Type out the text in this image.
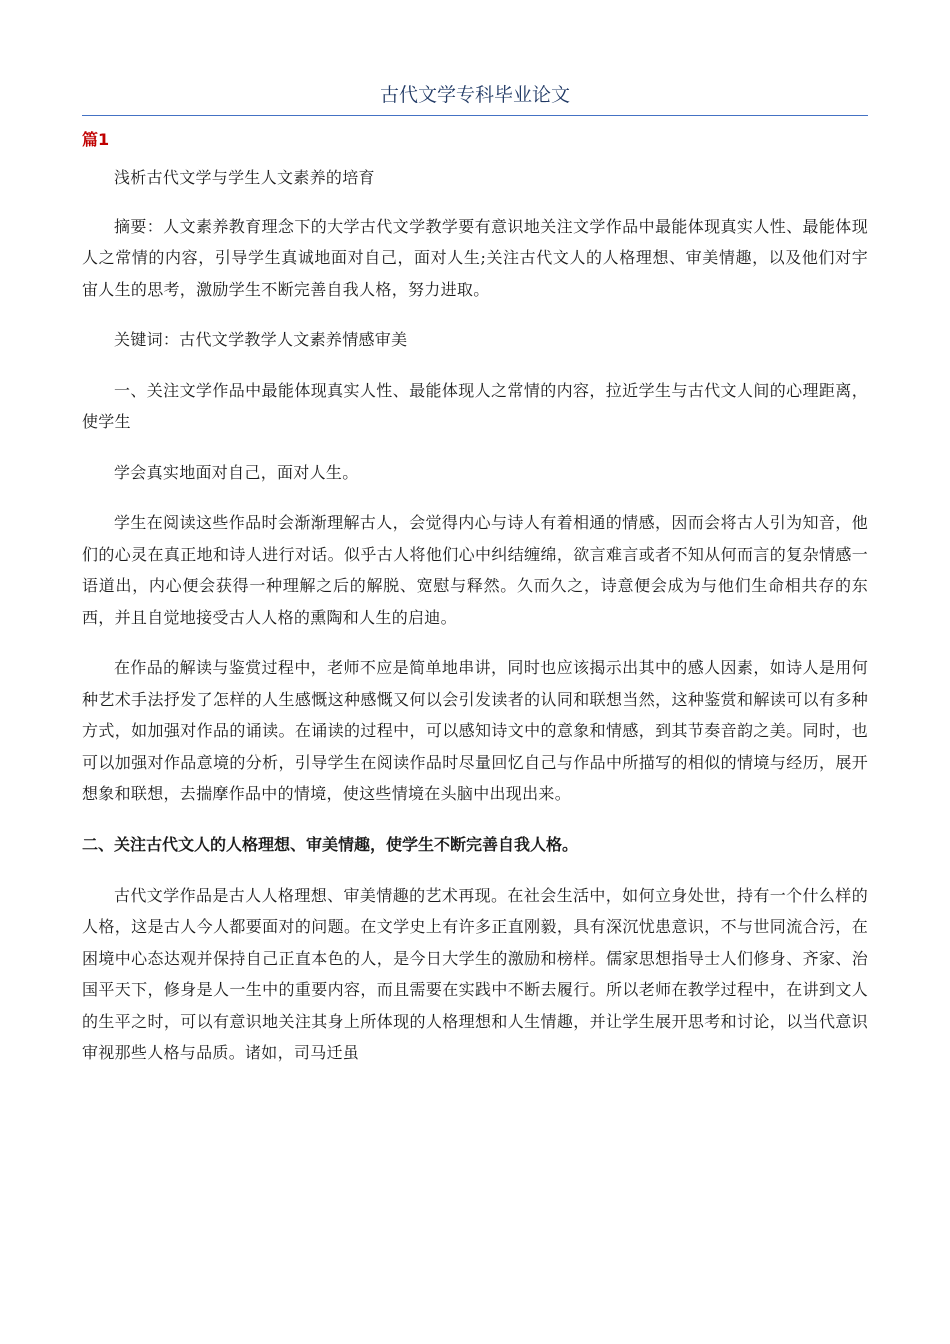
古代文学专科毕业论文
篇1

浅析古代文学与学生人文素养的培育

摘要：人文素养教育理念下的大学古代文学教学要有意识地关注文学作品中最能体现真实人性、最能体现人之常情的内容，引导学生真诚地面对自己，面对人生;关注古代文人的人格理想、审美情趣，以及他们对宇宙人生的思考，激励学生不断完善自我人格，努力进取。

关键词：古代文学教学人文素养情感审美

一、关注文学作品中最能体现真实人性、最能体现人之常情的内容，拉近学生与古代文人间的心理距离，使学生

学会真实地面对自己，面对人生。

学生在阅读这些作品时会渐渐理解古人，会觉得内心与诗人有着相通的情感，因而会将古人引为知音，他们的心灵在真正地和诗人进行对话。似乎古人将他们心中纠结缠绵，欲言难言或者不知从何而言的复杂情感一语道出，内心便会获得一种理解之后的解脱、宽慰与释然。久而久之，诗意便会成为与他们生命相共存的东西，并且自觉地接受古人人格的熏陶和人生的启迪。

在作品的解读与鉴赏过程中，老师不应是简单地串讲，同时也应该揭示出其中的感人因素，如诗人是用何种艺术手法抒发了怎样的人生感慨这种感慨又何以会引发读者的认同和联想当然，这种鉴赏和解读可以有多种方式，如加强对作品的诵读。在诵读的过程中，可以感知诗文中的意象和情感，到其节奏音韵之美。同时，也可以加强对作品意境的分析，引导学生在阅读作品时尽量回忆自己与作品中所描写的相似的情境与经历，展开想象和联想，去揣摩作品中的情境，使这些情境在头脑中出现出来。

二、关注古代文人的人格理想、审美情趣，使学生不断完善自我人格。

古代文学作品是古人人格理想、审美情趣的艺术再现。在社会生活中，如何立身处世，持有一个什么样的人格，这是古人今人都要面对的问题。在文学史上有许多正直刚毅，具有深沉忧患意识，不与世同流合污，在困境中心态达观并保持自己正直本色的人，是今日大学生的激励和榜样。儒家思想指导士人们修身、齐家、治国平天下，修身是人一生中的重要内容，而且需要在实践中不断去履行。所以老师在教学过程中，在讲到文人的生平之时，可以有意识地关注其身上所体现的人格理想和人生情趣，并让学生展开思考和讨论，以当代意识审视那些人格与品质。诸如，司马迁虽
